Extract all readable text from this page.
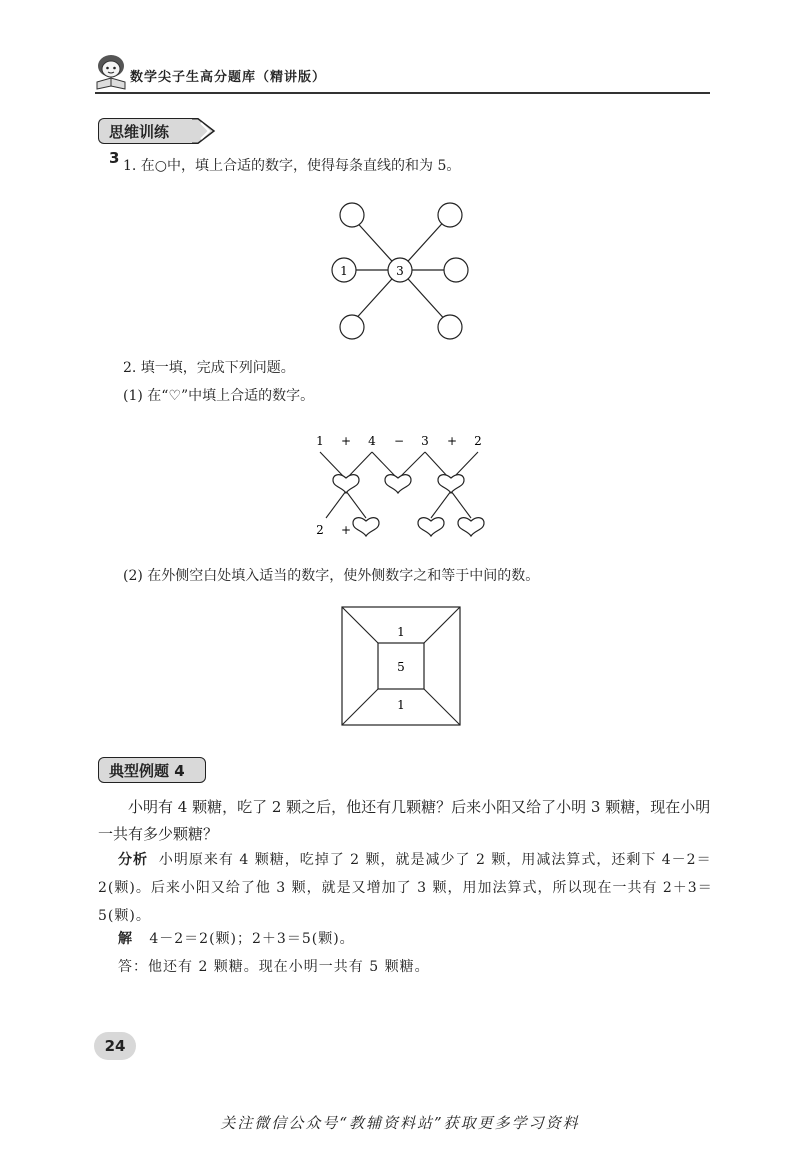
数学尖子生高分题库（精讲版）
思维训练 3 1. 在○中，填上合适的数字，使得每条直线的和为 5。
1	3
2. 填一填，完成下列问题。
(1) 在“♡”中填上合适的数字。
1 + 4 − 3 + 2
2 +
(2) 在外侧空白处填入适当的数字，使外侧数字之和等于中间的数。
1
5
1
典型例题 4
小明有 4 颗糖，吃了 2 颗之后，他还有几颗糖？后来小阳又给了小明 3 颗糖，现在小明一共有多少颗糖？
分析 小明原来有 4 颗糖，吃掉了 2 颗，就是减少了 2 颗，用减法算式，还剩下 4－2＝2(颗)。后来小阳又给了他 3 颗，就是又增加了 3 颗，用加法算式，所以现在一共有 2＋3＝5(颗)。
解 4－2＝2(颗)；2＋3＝5(颗)。
答：他还有 2 颗糖。现在小明一共有 5 颗糖。
24
关注微信公众号“教辅资料站”获取更多学习资料
